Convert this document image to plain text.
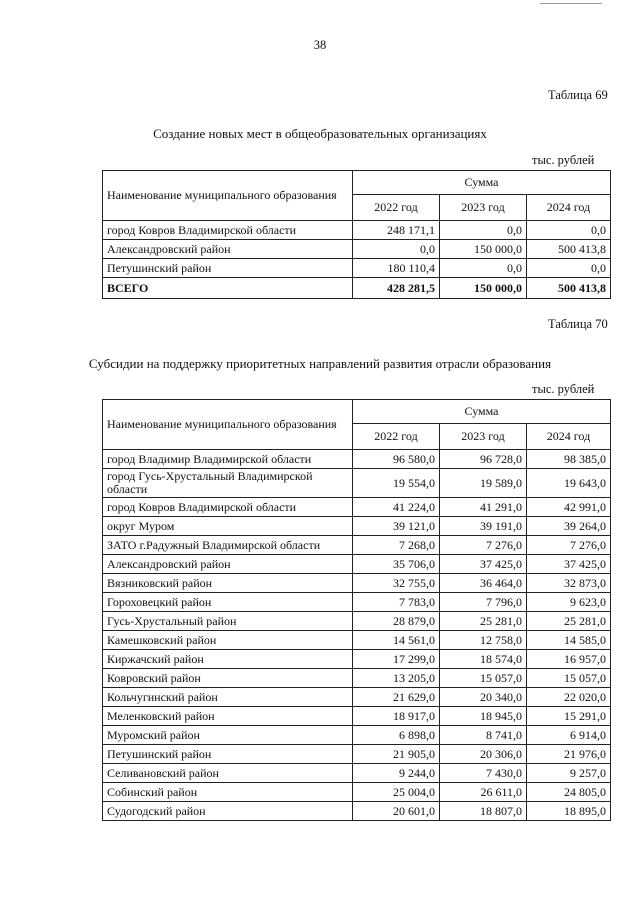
38
Таблица 69
Создание новых мест в общеобразовательных организациях
тыс. рублей
Наименование муниципального образования	Сумма		
	2022 год	2023 год	2024 год
город Ковров Владимирской области	248 171,1	0,0	0,0
Александровский район	0,0	150 000,0	500 413,8
Петушинский район	180 110,4	0,0	0,0
ВСЕГО	428 281,5	150 000,0	500 413,8
Таблица 70
Субсидии на поддержку приоритетных направлений развития отрасли образования
тыс. рублей
Наименование муниципального образования	Сумма		
	2022 год	2023 год	2024 год
город Владимир Владимирской области	96 580,0	96 728,0	98 385,0
город Гусь-Хрустальный Владимирской области	19 554,0	19 589,0	19 643,0
город Ковров Владимирской области	41 224,0	41 291,0	42 991,0
округ Муром	39 121,0	39 191,0	39 264,0
ЗАТО г.Радужный Владимирской области	7 268,0	7 276,0	7 276,0
Александровский район	35 706,0	37 425,0	37 425,0
Вязниковский район	32 755,0	36 464,0	32 873,0
Гороховецкий район	7 783,0	7 796,0	9 623,0
Гусь-Хрустальный район	28 879,0	25 281,0	25 281,0
Камешковский район	14 561,0	12 758,0	14 585,0
Киржачский район	17 299,0	18 574,0	16 957,0
Ковровский район	13 205,0	15 057,0	15 057,0
Кольчугинский район	21 629,0	20 340,0	22 020,0
Меленковский район	18 917,0	18 945,0	15 291,0
Муромский район	6 898,0	8 741,0	6 914,0
Петушинский район	21 905,0	20 306,0	21 976,0
Селивановский район	9 244,0	7 430,0	9 257,0
Собинский район	25 004,0	26 611,0	24 805,0
Судогодский район	20 601,0	18 807,0	18 895,0
